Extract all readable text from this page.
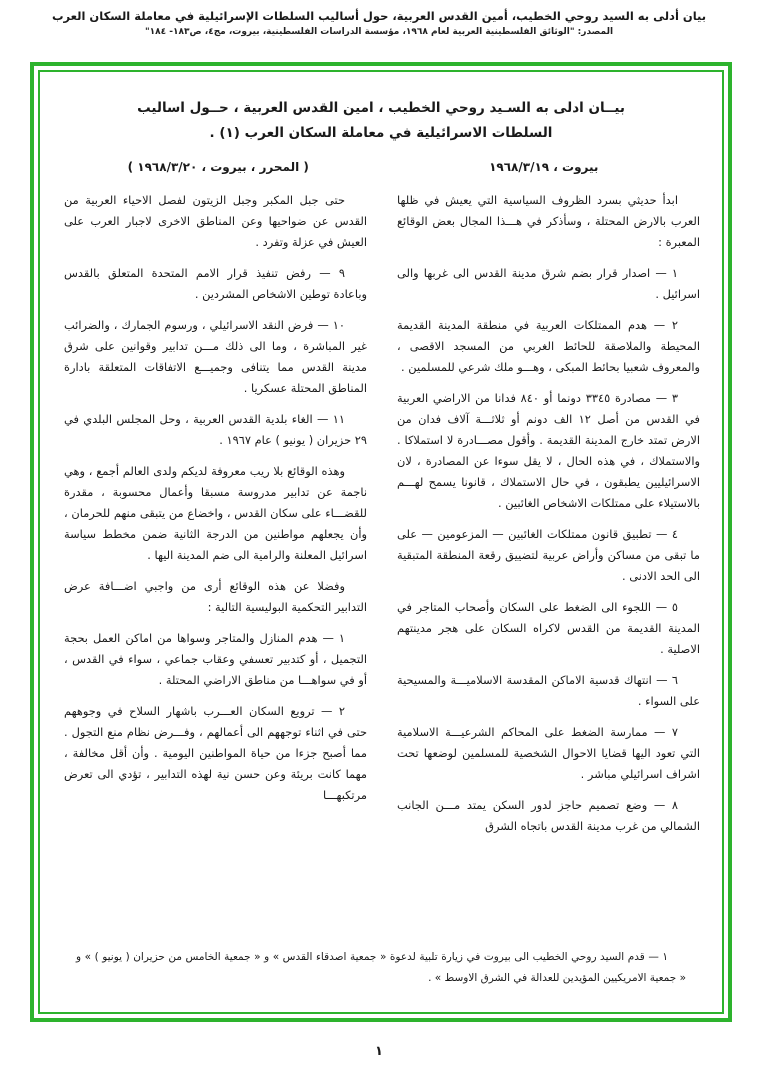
بيان أدلى به السيد روحي الخطيب، أمين القدس العربية، حول أساليب السلطات الإسرائيلية في معاملة السكان العرب
المصدر: "الوثائق الفلسطينية العربية لعام ١٩٦٨، مؤسسة الدراسات الفلسطينية، بيروت، مج٤، ص١٨٣- ١٨٤"
بيــان ادلى به السـيد روحي الخطيب ، امين القدس العربية ، حــول اساليب
السلطات الاسرائيلية في معاملة السكان العرب (١) .
بيروت ، ١٩٦٨/٣/١٩
( المحرر ، بيروت ، ١٩٦٨/٣/٢٠ )

ابدأ حديثي بسرد الظروف السياسية التي يعيش في ظلها العرب بالارض المحتلة ، وسأذكر في هـــذا المجال بعض الوقائع المعبرة :

١ — اصدار قرار بضم شرق مدينة القدس الى غربها والى اسرائيل .

٢ — هدم الممتلكات العربية في منطقة المدينة القديمة المحيطة والملاصقة للحائط الغربي من المسجد الاقصى ، والمعروف شعبيا بحائط المبكى ، وهـــو ملك شرعي للمسلمين .

٣ — مصادرة ٣٣٤٥ دونما أو ٨٤٠ فدانا من الاراضي العربية في القدس من أصل ١٢ الف دونم أو ثلاثـــة آلاف فدان من الارض تمتد خارج المدينة القديمة . وأقول مصـــادرة لا استملاكا . والاستملاك ، في هذه الحال ، لا يقل سوءا عن المصادرة ، لان الاسرائيليين يطبقون ، في حال الاستملاك ، قانونا يسمح لهـــم بالاستيلاء على ممتلكات الاشخاص الغائبين .

٤ — تطبيق قانون ممتلكات الغائبين — المزعومين — على ما تبقى من مساكن وأراض عربية لتضييق رقعة المنطقة المتبقية الى الحد الادنى .

٥ — اللجوء الى الضغط على السكان وأصحاب المتاجر في المدينة القديمة من القدس لاكراه السكان على هجر مدينتهم الاصلية .

٦ — انتهاك قدسية الاماكن المقدسة الاسلاميـــة والمسيحية على السواء .

٧ — ممارسة الضغط على المحاكم الشرعيـــة الاسلامية التي تعود اليها قضايا الاحوال الشخصية للمسلمين لوضعها تحت اشراف اسرائيلي مباشر .

٨ — وضع تصميم حاجز لدور السكن يمتد مـــن الجانب الشمالي من غرب مدينة القدس باتجاه الشرق

حتى جبل المكبر وجبل الزيتون لفصل الاحياء العربية من القدس عن ضواحيها وعن المناطق الاخرى لاجبار العرب على العيش في عزلة وتفرد .

٩ — رفض تنفيذ قرار الامم المتحدة المتعلق بالقدس وباعادة توطين الاشخاص المشردين .

١٠ — فرض النقد الاسرائيلي ، ورسوم الجمارك ، والضرائب غير المباشرة ، وما الى ذلك مـــن تدابير وقوانين على شرق مدينة القدس مما يتنافى وجميـــع الاتفاقات المتعلقة بادارة المناطق المحتلة عسكريا .

١١ — الغاء بلدية القدس العربية ، وحل المجلس البلدي في ٢٩ حزيران ( يونيو ) عام ١٩٦٧ .

وهذه الوقائع بلا ريب معروفة لديكم ولدى العالم أجمع ، وهي ناجمة عن تدابير مدروسة مسبقا وأعمال محسوبة ، مقدرة للقضـــاء على سكان القدس ، واخضاع من يتبقى منهم للحرمان ، وأن يجعلهم مواطنين من الدرجة الثانية ضمن مخطط سياسة اسرائيل المعلنة والرامية الى ضم المدينة اليها .

وفضلا عن هذه الوقائع أرى من واجبي اضـــافة عرض التدابير التحكمية البوليسية التالية :

١ — هدم المنازل والمتاجر وسواها من اماكن العمل بحجة التجميل ، أو كتدبير تعسفي وعقاب جماعي ، سواء في القدس ، أو في سواهـــا من مناطق الاراضي المحتلة .

٢ — ترويع السكان العـــرب باشهار السلاح في وجوههم حتى في اثناء توجههم الى أعمالهم ، وفـــرض نظام منع التجول . مما أصبح جزءا من حياة المواطنين اليومية . وأن أقل مخالفة ، مهما كانت بريئة وعن حسن نية لهذه التدابير ، تؤدي الى تعرض مرتكبهـــا

١ — قدم السيد روحي الخطيب الى بيروت في زيارة تلبية لدعوة « جمعية اصدقاء القدس » و « جمعية الخامس من حزيران ( يونيو ) » و « جمعية الامريكيين المؤيدين للعدالة في الشرق الاوسط » .

١
